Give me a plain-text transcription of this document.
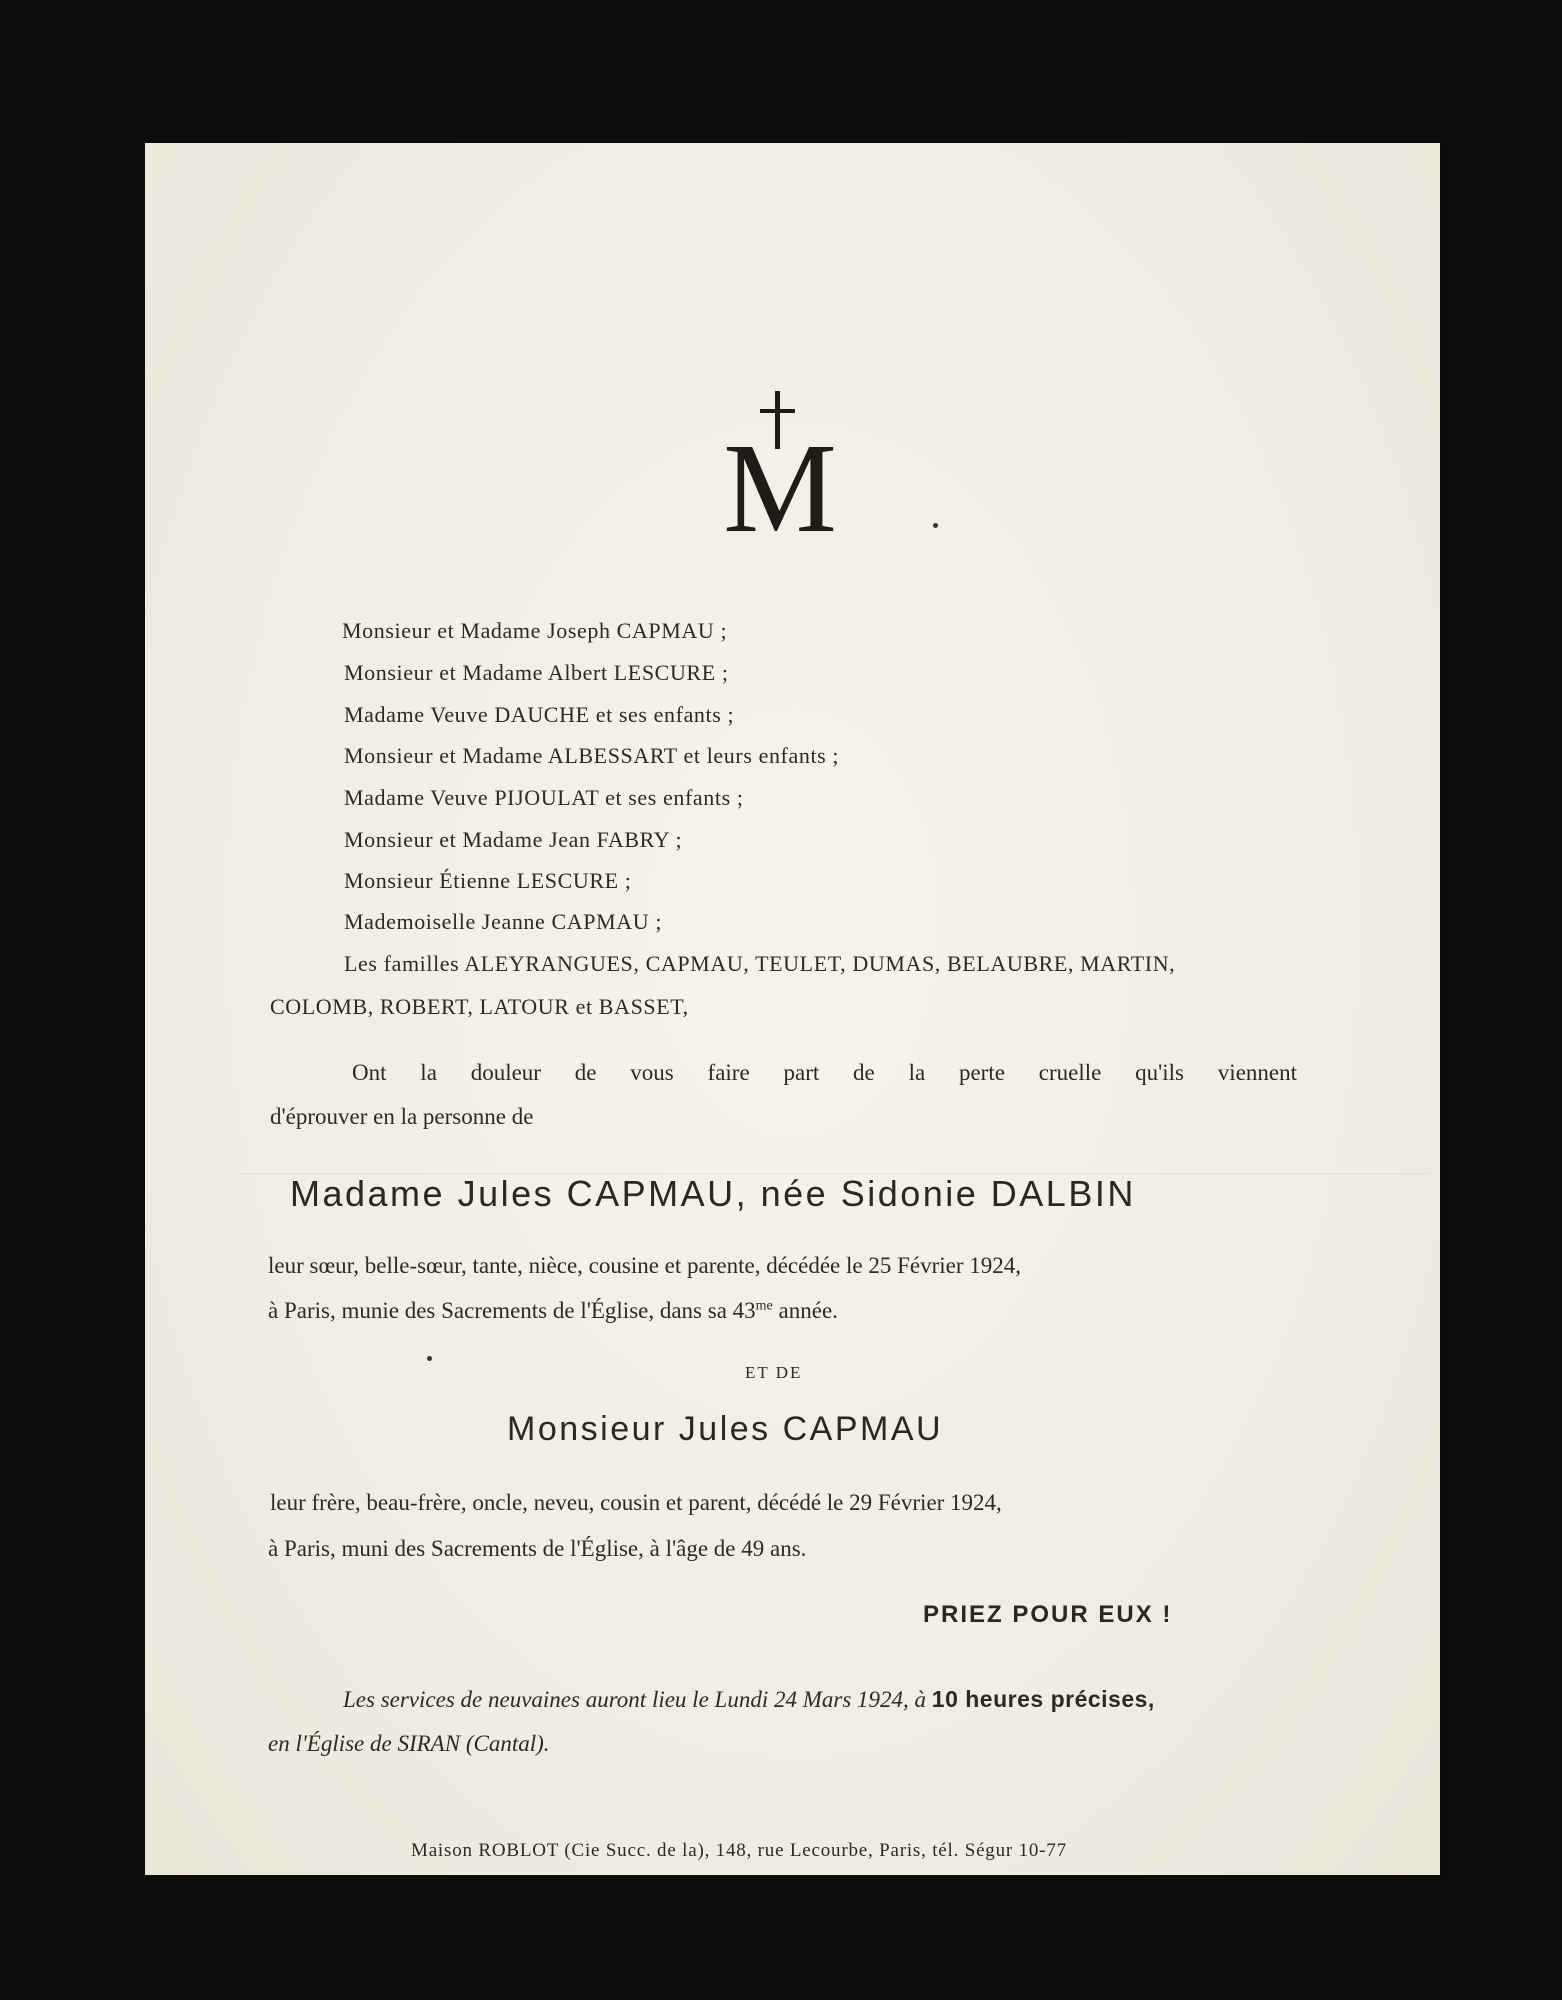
M
Monsieur et Madame Joseph CAPMAU ;
Monsieur et Madame Albert LESCURE ;
Madame Veuve DAUCHE et ses enfants ;
Monsieur et Madame ALBESSART et leurs enfants ;
Madame Veuve PIJOULAT et ses enfants ;
Monsieur et Madame Jean FABRY ;
Monsieur Étienne LESCURE ;
Mademoiselle Jeanne CAPMAU ;
Les familles ALEYRANGUES, CAPMAU, TEULET, DUMAS, BELAUBRE, MARTIN,
COLOMB, ROBERT, LATOUR et BASSET,
Ont la douleur de vous faire part de la perte cruelle qu'ils viennent
d'éprouver en la personne de
Madame Jules CAPMAU, née Sidonie DALBIN
leur sœur, belle-sœur, tante, nièce, cousine et parente, décédée le 25 Février 1924,
à Paris, munie des Sacrements de l'Église, dans sa $43^{me}$ année.
ET DE
Monsieur Jules CAPMAU
leur frère, beau-frère, oncle, neveu, cousin et parent, décédé le 29 Février 1924,
à Paris, muni des Sacrements de l'Église, à l'âge de 49 ans.
PRIEZ POUR EUX !
Les services de neuvaines auront lieu le Lundi 24 Mars 1924, à 10 heures précises,
en l'Église de SIRAN (Cantal).
Maison ROBLOT (Cie Succ. de la), 148, rue Lecourbe, Paris, tél. Ségur 10-77
